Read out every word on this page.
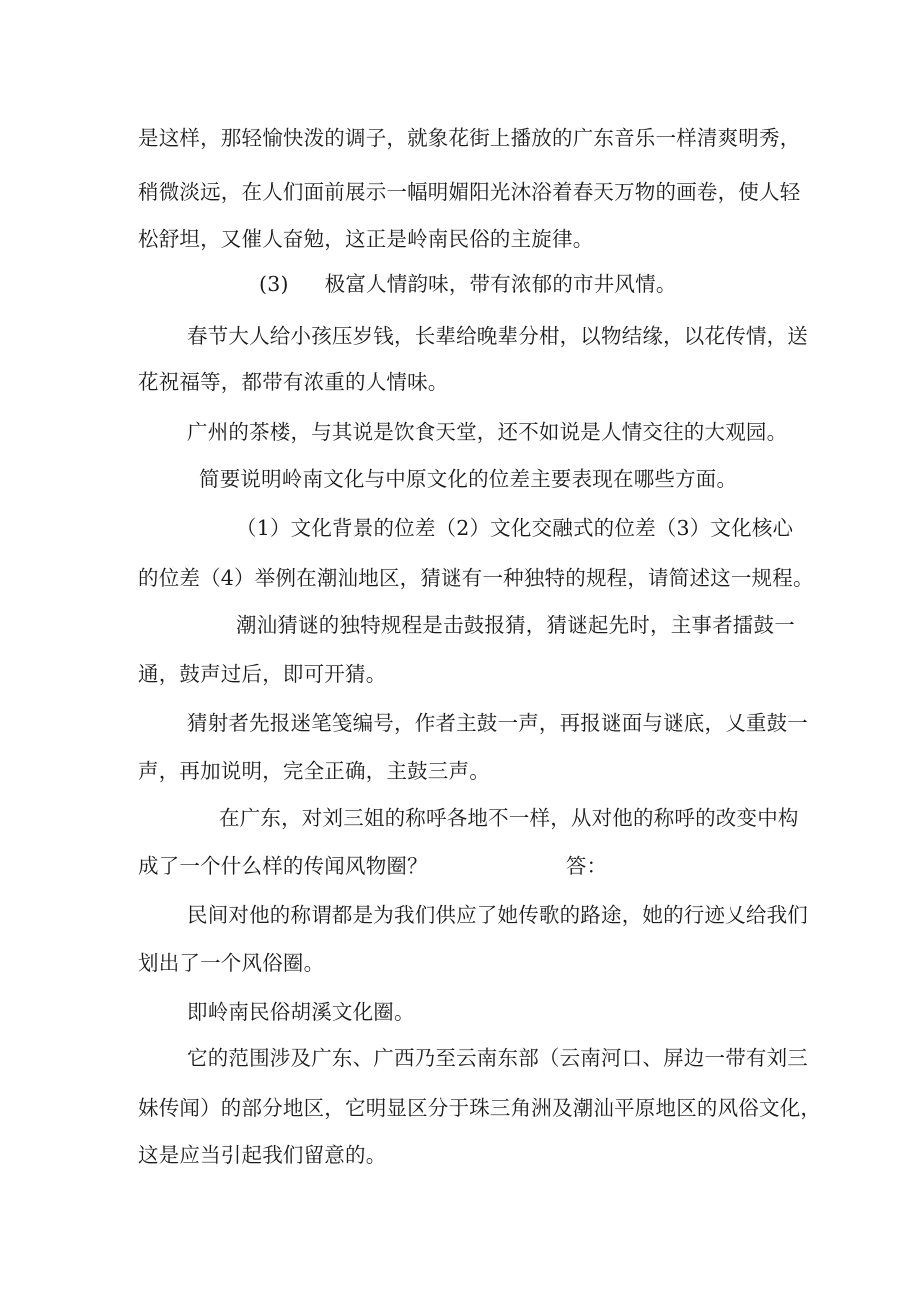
是这样，那轻愉快泼的调子，就象花街上播放的广东音乐一样清爽明秀，
稍微淡远，在人们面前展示一幅明媚阳光沐浴着春天万物的画卷，使人轻
松舒坦，又催人奋勉，这正是岭南民俗的主旋律。
(3) 极富人情韵味，带有浓郁的市井风情。
春节大人给小孩压岁钱，长辈给晚辈分柑，以物结缘，以花传情，送
花祝福等，都带有浓重的人情味。
广州的茶楼，与其说是饮食天堂，还不如说是人情交往的大观园。
简要说明岭南文化与中原文化的位差主要表现在哪些方面。
（1）文化背景的位差（2）文化交融式的位差（3）文化核心
的位差（4）举例在潮汕地区，猜谜有一种独特的规程，请简述这一规程。
潮汕猜谜的独特规程是击鼓报猜，猜谜起先时，主事者擂鼓一
通，鼓声过后，即可开猜。
猜射者先报迷笔笺编号，作者主鼓一声，再报谜面与谜底，乂重鼓一
声，再加说明，完全正确，主鼓三声。
在广东，对刘三姐的称呼各地不一样，从对他的称呼的改变中构
成了一个什么样的传闻风物圈？	答：
民间对他的称谓都是为我们供应了她传歌的路途，她的行迹乂给我们
划出了一个风俗圈。
即岭南民俗胡溪文化圈。
它的范围涉及广东、广西乃至云南东部（云南河口、屏边一带有刘三
妹传闻）的部分地区，它明显区分于珠三角洲及潮汕平原地区的风俗文化，
这是应当引起我们留意的。
